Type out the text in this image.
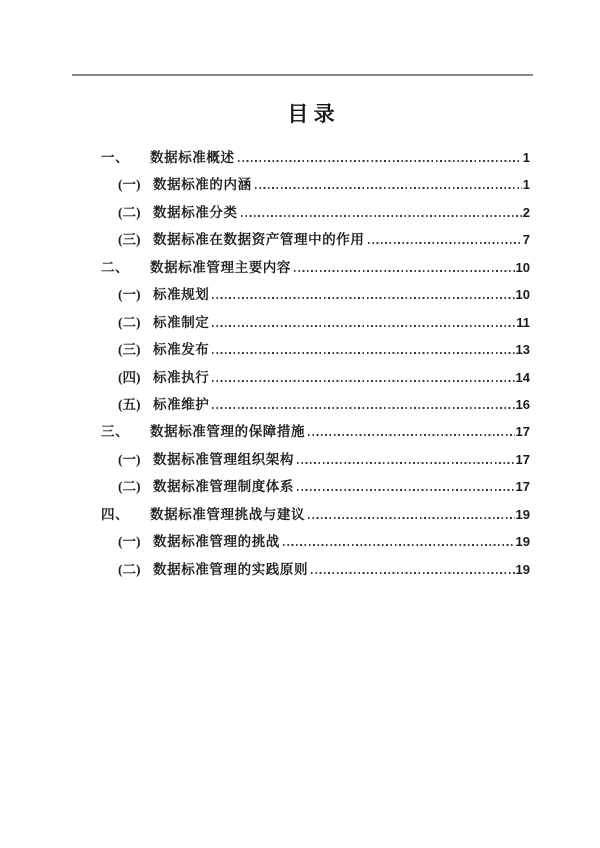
目 录
一、	数据标准概述	1
(一) 数据标准的内涵	1
(二) 数据标准分类	2
(三) 数据标准在数据资产管理中的作用	7
二、	数据标准管理主要内容	10
(一) 标准规划	10
(二) 标准制定	11
(三) 标准发布	13
(四) 标准执行	14
(五) 标准维护	16
三、	数据标准管理的保障措施	17
(一) 数据标准管理组织架构	17
(二) 数据标准管理制度体系	17
四、	数据标准管理挑战与建议	19
(一) 数据标准管理的挑战	19
(二) 数据标准管理的实践原则	19
